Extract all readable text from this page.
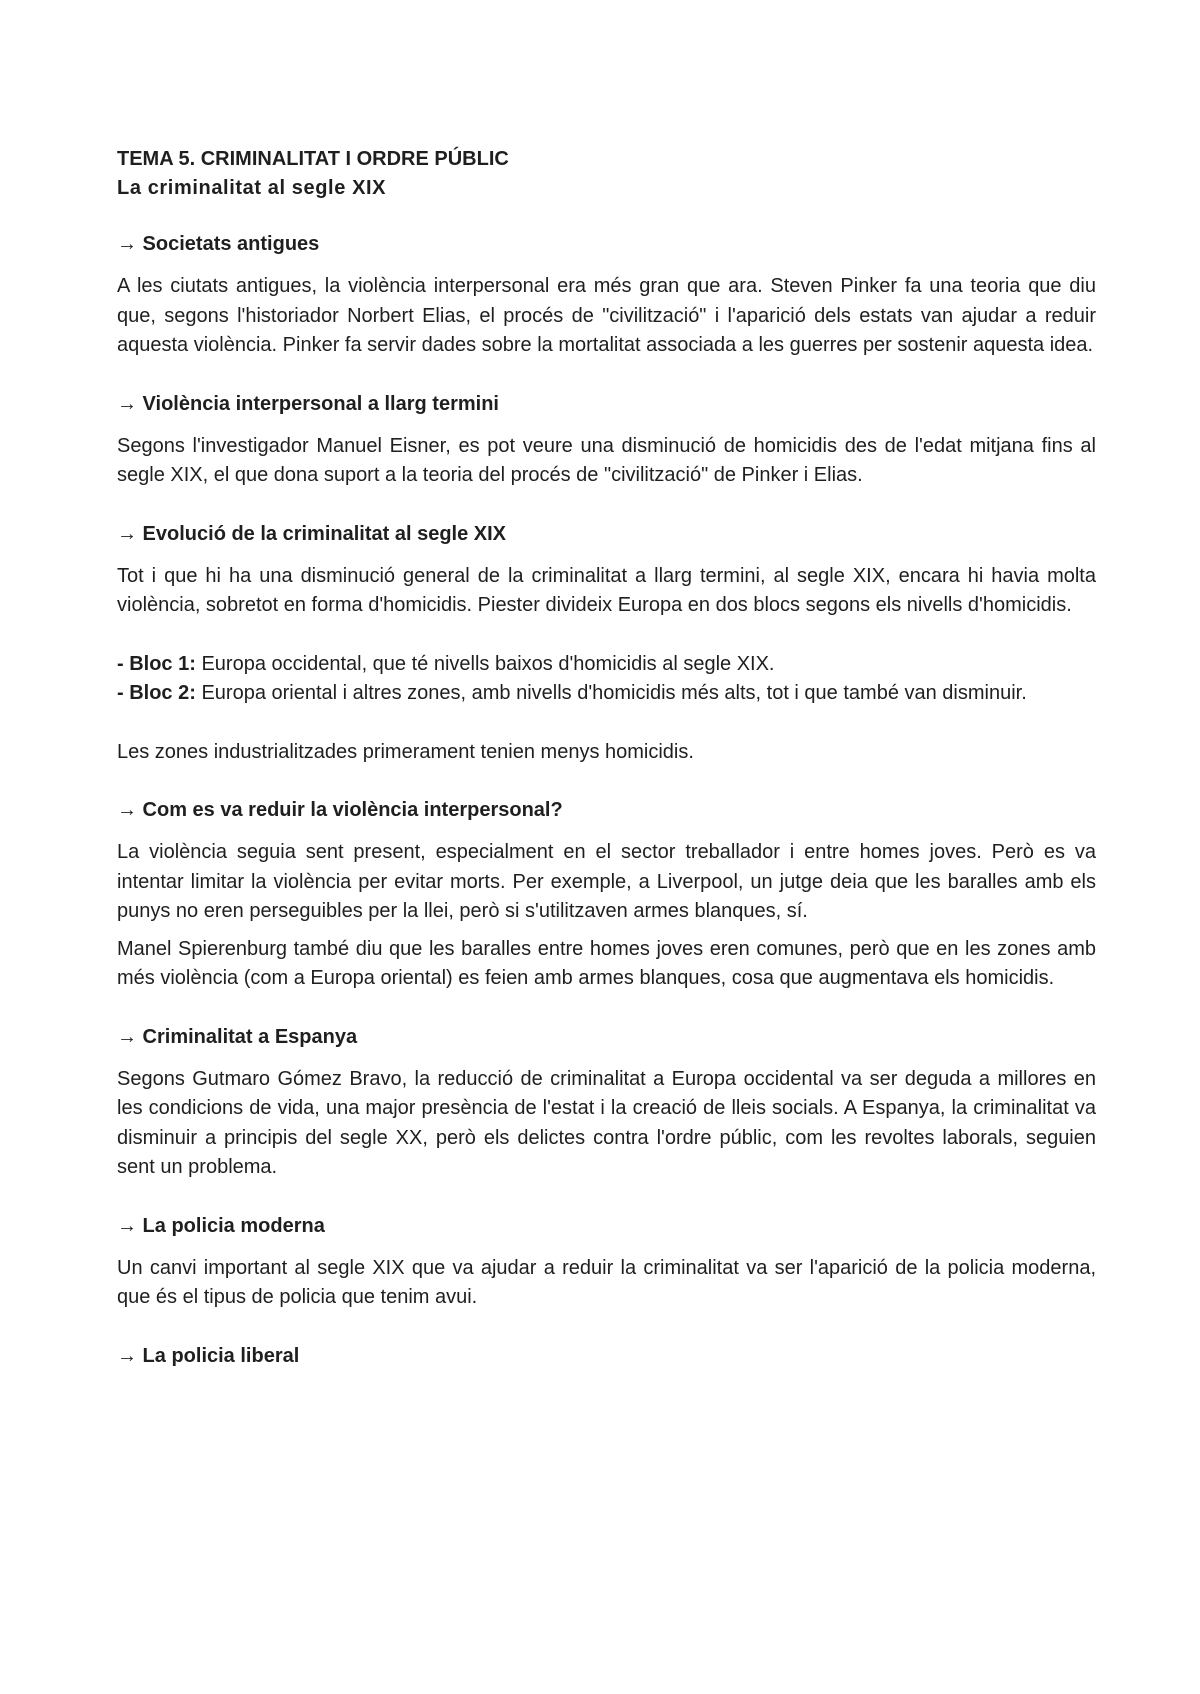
TEMA 5. CRIMINALITAT I ORDRE PÚBLIC

La criminalitat al segle XIX

→ Societats antigues

A les ciutats antigues, la violència interpersonal era més gran que ara. Steven Pinker fa una teoria que diu que, segons l'historiador Norbert Elias, el procés de "civilització" i l'aparició dels estats van ajudar a reduir aquesta violència. Pinker fa servir dades sobre la mortalitat associada a les guerres per sostenir aquesta idea.

→ Violència interpersonal a llarg termini

Segons l'investigador Manuel Eisner, es pot veure una disminució de homicidis des de l'edat mitjana fins al segle XIX, el que dona suport a la teoria del procés de "civilització" de Pinker i Elias.

→ Evolució de la criminalitat al segle XIX

Tot i que hi ha una disminució general de la criminalitat a llarg termini, al segle XIX, encara hi havia molta violència, sobretot en forma d'homicidis. Piester divideix Europa en dos blocs segons els nivells d'homicidis.

- Bloc 1: Europa occidental, que té nivells baixos d'homicidis al segle XIX.

- Bloc 2: Europa oriental i altres zones, amb nivells d'homicidis més alts, tot i que també van disminuir.

Les zones industrialitzades primerament tenien menys homicidis.

→ Com es va reduir la violència interpersonal?

La violència seguia sent present, especialment en el sector treballador i entre homes joves. Però es va intentar limitar la violència per evitar morts. Per exemple, a Liverpool, un jutge deia que les baralles amb els punys no eren perseguibles per la llei, però si s'utilitzaven armes blanques, sí.

Manel Spierenburg també diu que les baralles entre homes joves eren comunes, però que en les zones amb més violència (com a Europa oriental) es feien amb armes blanques, cosa que augmentava els homicidis.

→ Criminalitat a Espanya

Segons Gutmaro Gómez Bravo, la reducció de criminalitat a Europa occidental va ser deguda a millores en les condicions de vida, una major presència de l'estat i la creació de lleis socials. A Espanya, la criminalitat va disminuir a principis del segle XX, però els delictes contra l'ordre públic, com les revoltes laborals, seguien sent un problema.

→ La policia moderna

Un canvi important al segle XIX que va ajudar a reduir la criminalitat va ser l'aparició de la policia moderna, que és el tipus de policia que tenim avui.

→ La policia liberal
